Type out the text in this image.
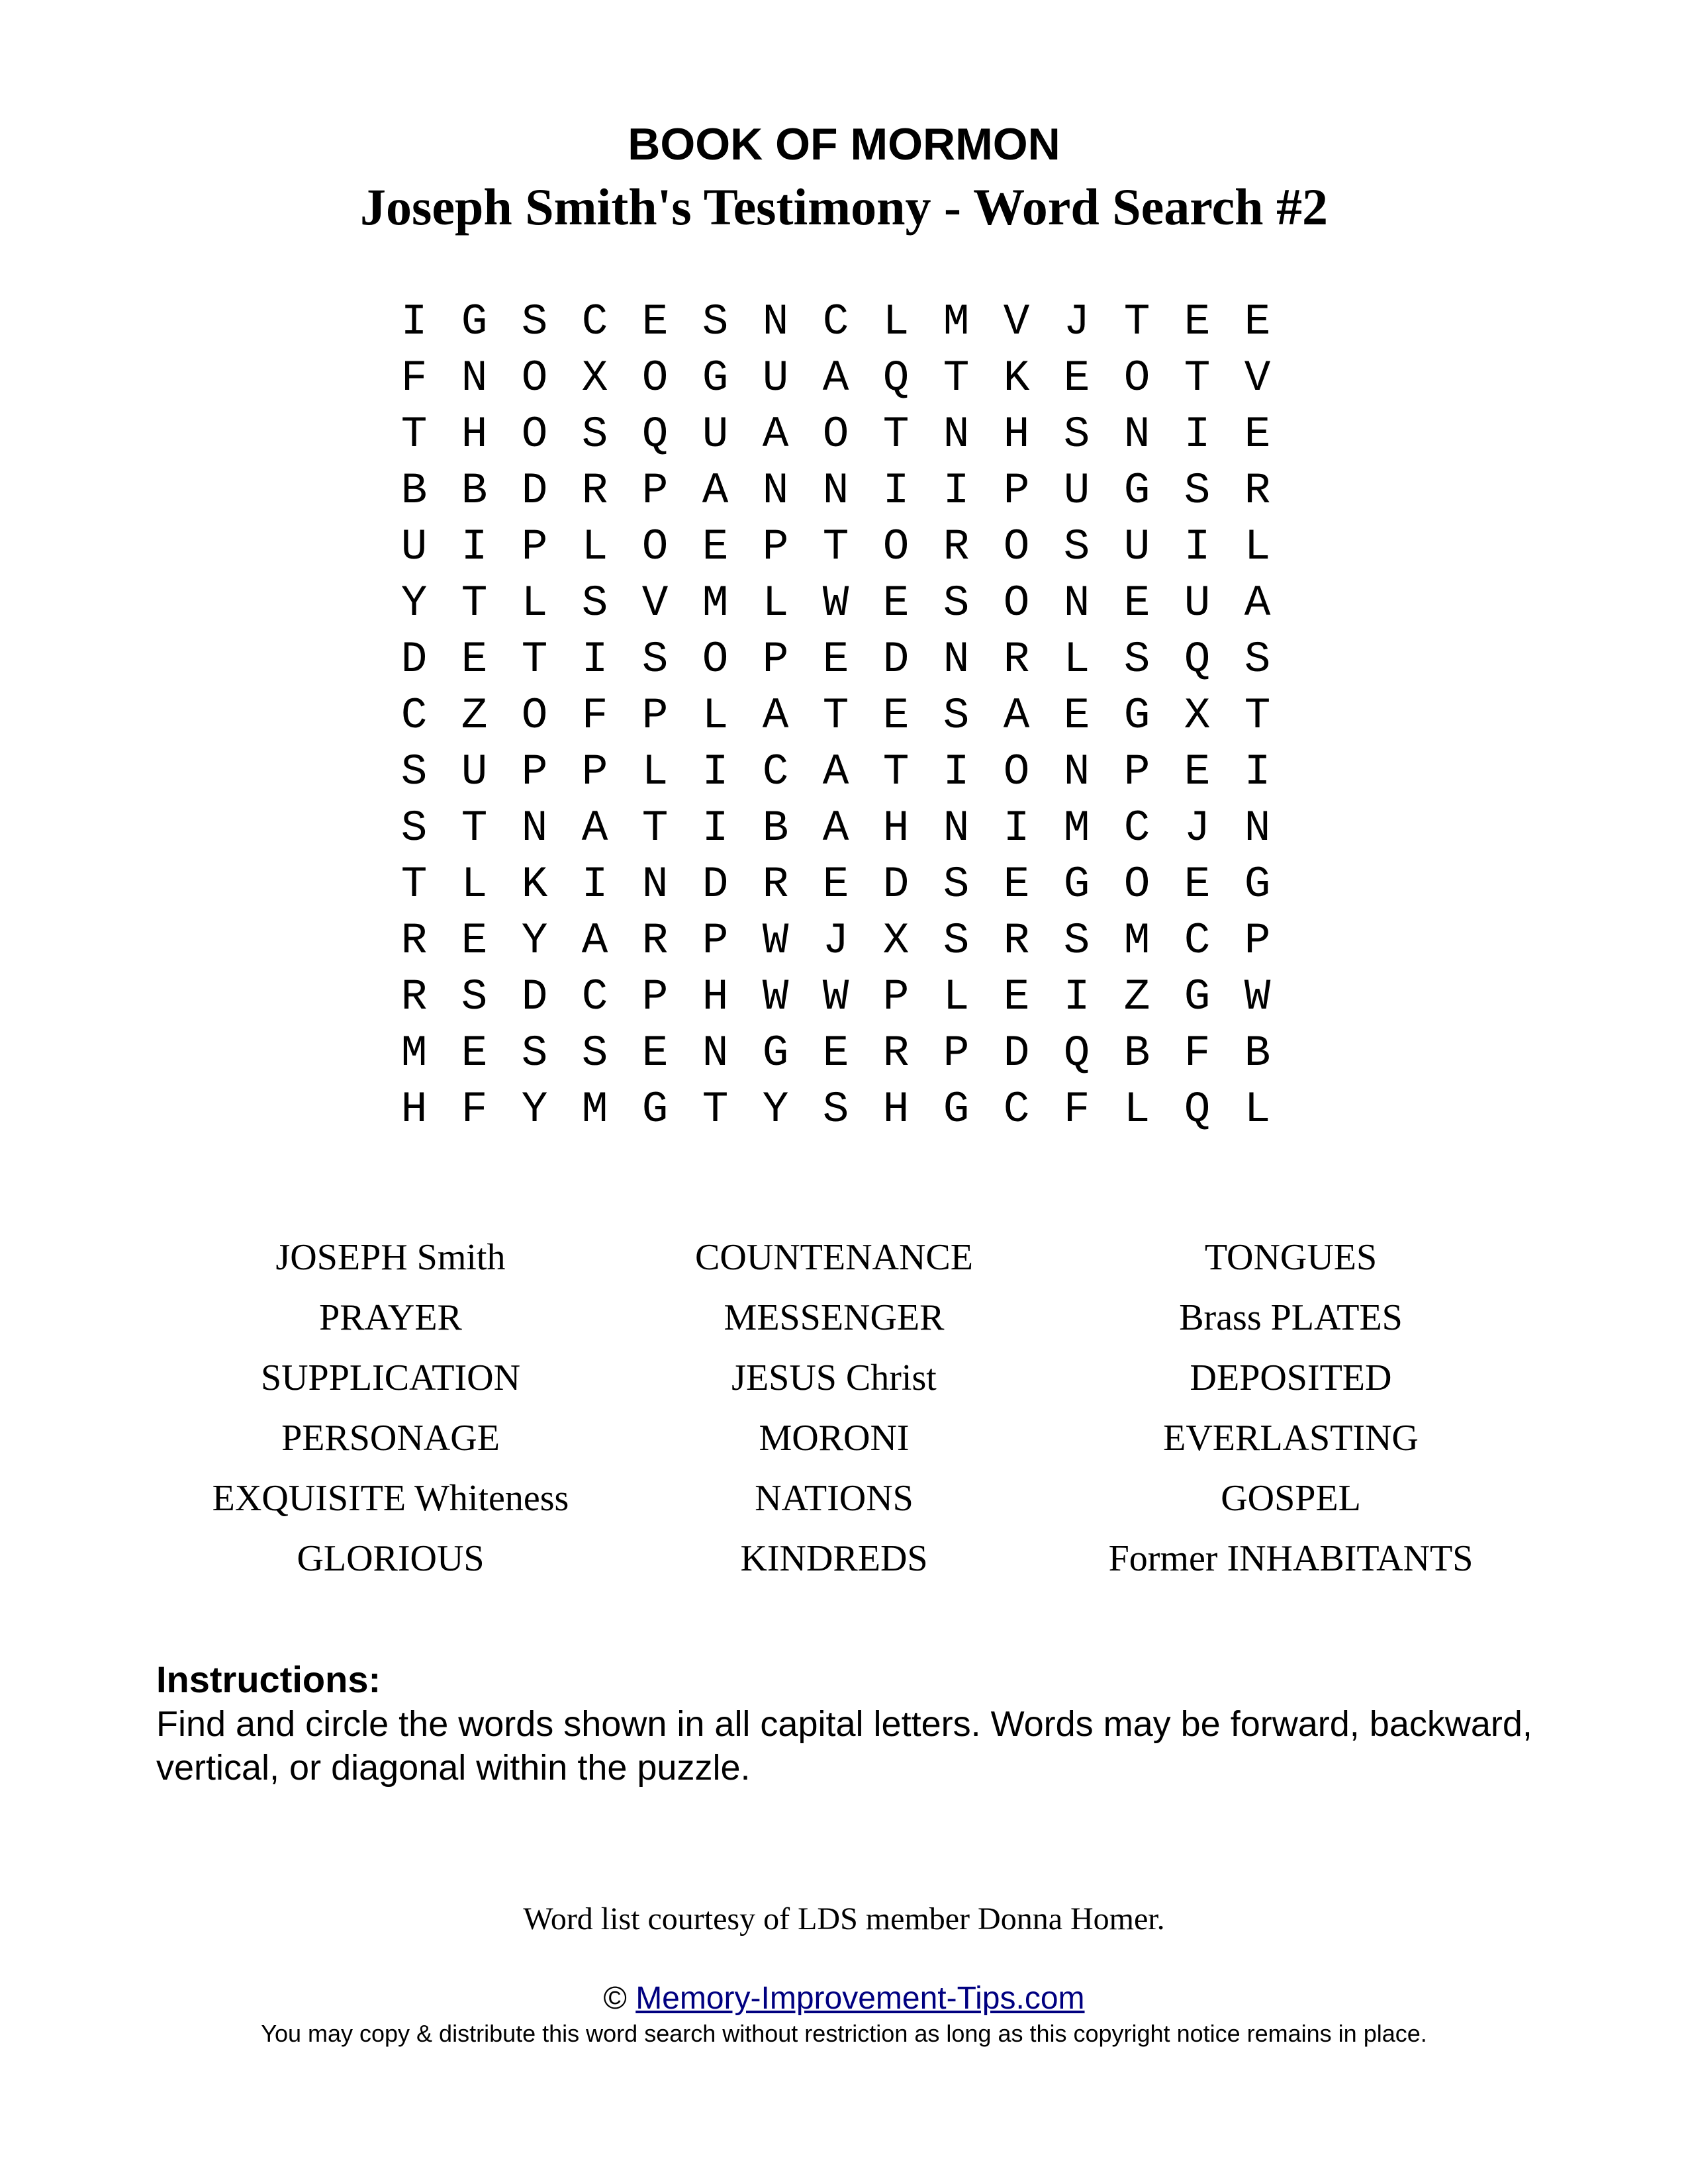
BOOK OF MORMON
Joseph Smith's Testimony - Word Search #2
I G S C E S N C L M V J T E E
F N O X O G U A Q T K E O T V
T H O S Q U A O T N H S N I E
B B D R P A N N I I P U G S R
U I P L O E P T O R O S U I L
Y T L S V M L W E S O N E U A
D E T I S O P E D N R L S Q S
C Z O F P L A T E S A E G X T
S U P P L I C A T I O N P E I
S T N A T I B A H N I M C J N
T L K I N D R E D S E G O E G
R E Y A R P W J X S R S M C P
R S D C P H W W P L E I Z G W
M E S S E N G E R P D Q B F B
H F Y M G T Y S H G C F L Q L
JOSEPH Smith
PRAYER
SUPPLICATION
PERSONAGE
EXQUISITE Whiteness
GLORIOUS
COUNTENANCE
MESSENGER
JESUS Christ
MORONI
NATIONS
KINDREDS
TONGUES
Brass PLATES
DEPOSITED
EVERLASTING
GOSPEL
Former INHABITANTS
Instructions:
Find and circle the words shown in all capital letters. Words may be forward, backward, vertical, or diagonal within the puzzle.
Word list courtesy of LDS member Donna Homer.
© Memory-Improvement-Tips.com
You may copy & distribute this word search without restriction as long as this copyright notice remains in place.
